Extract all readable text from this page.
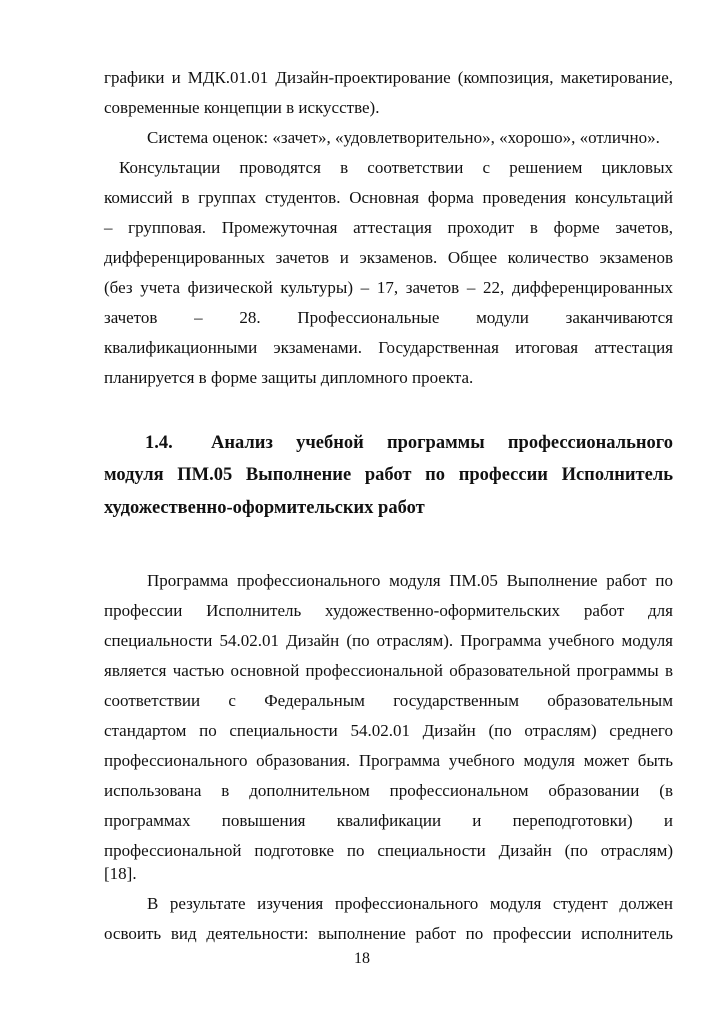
графики и МДК.01.01 Дизайн-проектирование (композиция, макетирование,
современные концепции в искусстве).
Система оценок: «зачет», «удовлетворительно», «хорошо», «отлично».
Консультации проводятся в соответствии с решением цикловых
комиссий в группах студентов. Основная форма проведения консультаций
– групповая. Промежуточная аттестация проходит в форме зачетов,
дифференцированных зачетов и экзаменов. Общее количество экзаменов
(без учета физической культуры) – 17, зачетов – 22, дифференцированных
зачетов – 28. Профессиональные модули заканчиваются
квалификационными экзаменами. Государственная итоговая аттестация
планируется в форме защиты дипломного проекта.
1.4. Анализ учебной программы профессионального
модуля ПМ.05 Выполнение работ по профессии Исполнитель
художественно-оформительских работ
Программа профессионального модуля ПМ.05 Выполнение работ по
профессии Исполнитель художественно-оформительских работ для
специальности 54.02.01 Дизайн (по отраслям). Программа учебного модуля
является частью основной профессиональной образовательной программы в
соответствии с Федеральным государственным образовательным
стандартом по специальности 54.02.01 Дизайн (по отраслям) среднего
профессионального образования. Программа учебного модуля может быть
использована в дополнительном профессиональном образовании (в
программах повышения квалификации и переподготовки) и
профессиональной подготовке по специальности Дизайн (по отраслям)
[18].
В результате изучения профессионального модуля студент должен
освоить вид деятельности: выполнение работ по профессии исполнитель
18
